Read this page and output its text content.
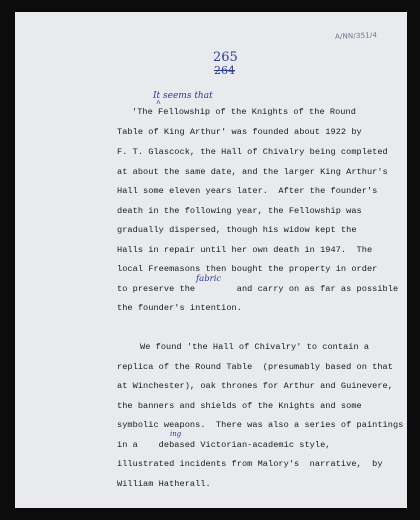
A/NN/351/4
265
264
It seems that
^
'The Fellowship of the Knights of the Round
Table of King Arthur' was founded about 1922 by
F. T. Glascock, the Hall of Chivalry being completed
at about the same date, and the larger King Arthur's
Hall some eleven years later.  After the founder's
death in the following year, the Fellowship was
gradually dispersed, though his widow kept the
Halls in repair until her own death in 1947.  The
local Freemasons then bought the property in order
to preserve the        and carry on as far as possible
fabric
the founder's intention.
We found 'the Hall of Chivalry' to contain a
replica of the Round Table  (presumably based on that
at Winchester), oak thrones for Arthur and Guinevere,
the banners and shields of the Knights and some
symbolic weapons.  There was also a series of paintings
in a    debased Victorian-academic style,
ing
illustrated incidents from Malory's  narrative,  by
William Hatherall.
